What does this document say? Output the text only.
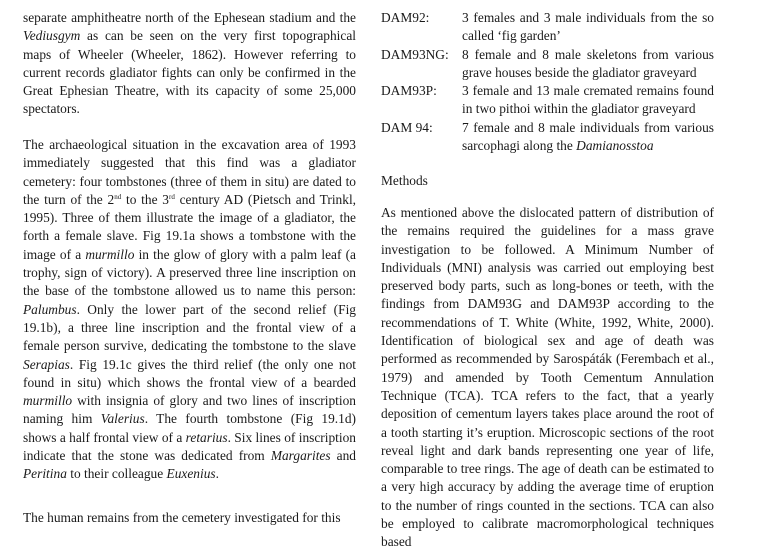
separate amphitheatre north of the Ephesean stadium and the Vediusgym as can be seen on the very first topographical maps of Wheeler (Wheeler, 1862). However referring to current records gladiator fights can only be confirmed in the Great Ephesian Theatre, with its capacity of some 25,000 spectators.

The archaeological situation in the excavation area of 1993 immediately suggested that this find was a gladiator cemetery: four tombstones (three of them in situ) are dated to the turn of the 2nd to the 3rd century AD (Pietsch and Trinkl, 1995). Three of them illustrate the image of a gladiator, the forth a female slave. Fig 19.1a shows a tombstone with the image of a murmillo in the glow of glory with a palm leaf (a trophy, sign of victory). A preserved three line inscription on the base of the tombstone allowed us to name this person: Palumbus. Only the lower part of the second relief (Fig 19.1b), a three line inscription and the frontal view of a female person survive, dedicating the tombstone to the slave Serapias. Fig 19.1c gives the third relief (the only one not found in situ) which shows the frontal view of a bearded murmillo with insignia of glory and two lines of inscription naming him Valerius. The fourth tombstone (Fig 19.1d) shows a half frontal view of a retarius. Six lines of inscription indicate that the stone was dedicated from Margarites and Peritina to their colleague Euxenius.

The human remains from the cemetery investigated for this

DAM92:	3 females and 3 male individuals from the so called ‘fig garden’
DAM93NG: 8 female and 8 male skeletons from various grave houses beside the gladiator graveyard
DAM93P:	3 female and 13 male cremated remains found in two pithoi within the gladiator graveyard
DAM 94:	7 female and 8 male individuals from various sarcophagi along the Damianosstoa
Methods

As mentioned above the dislocated pattern of distribution of the remains required the guidelines for a mass grave investigation to be followed. A Minimum Number of Individuals (MNI) analysis was carried out employing best preserved body parts, such as long-bones or teeth, with the findings from DAM93G and DAM93P according to the recommendations of T. White (White, 1992, White, 2000). Identification of biological sex and age of death was performed as recommended by Sarospáták (Ferembach et al., 1979) and amended by Tooth Cementum Annulation Technique (TCA). TCA refers to the fact, that a yearly deposition of cementum layers takes place around the root of a tooth starting it’s eruption. Microscopic sections of the root reveal light and dark bands representing one year of life, comparable to tree rings. The age of death can be estimated to a very high accuracy by adding the average time of eruption to the number of rings counted in the sections. TCA can also be employed to calibrate macromorphological techniques based
